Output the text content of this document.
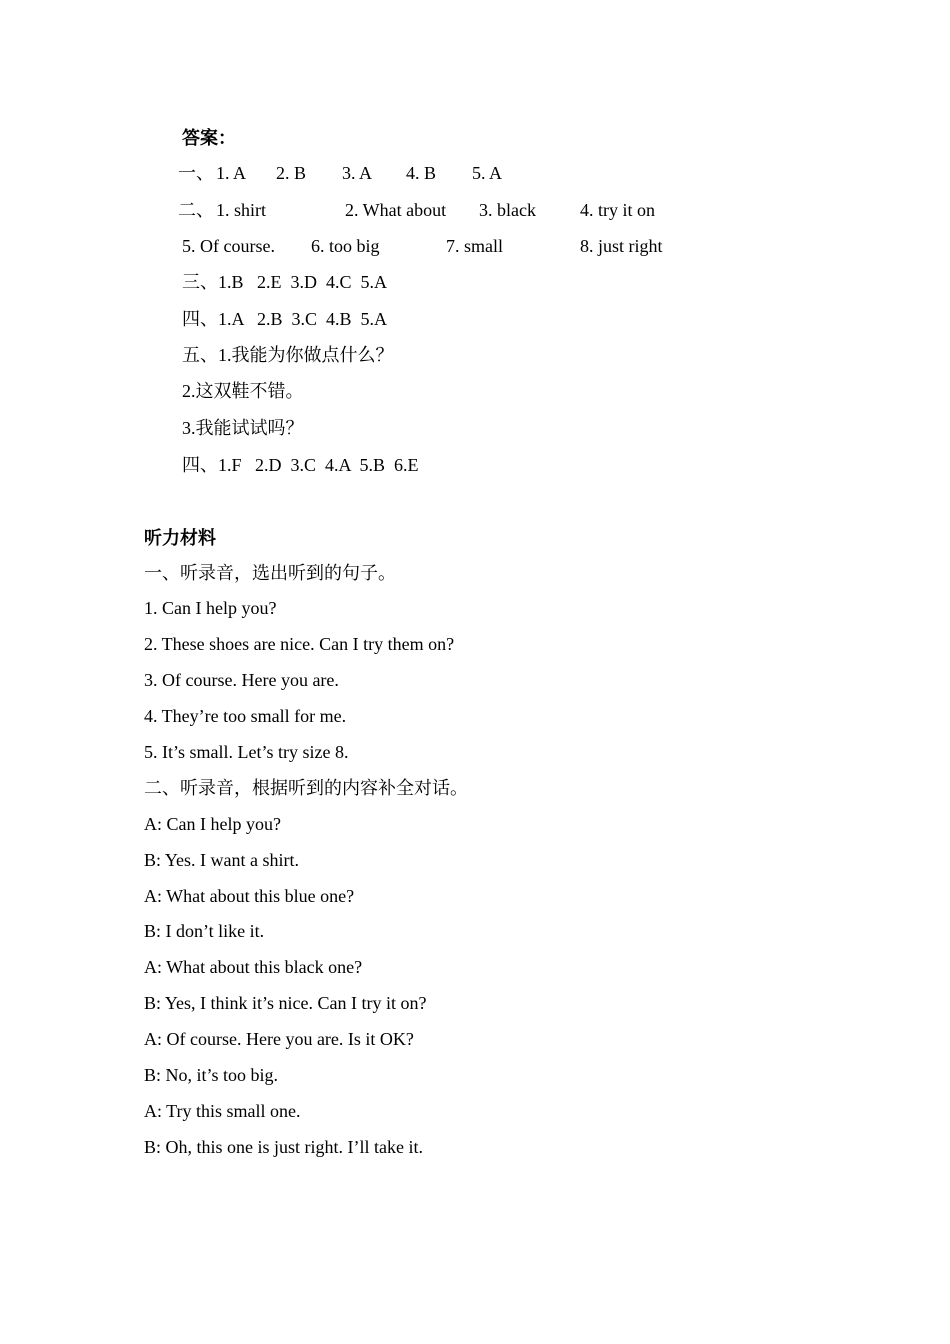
答案：
一、 1. A 2. B 3. A 4. B 5. A
二、 1. shirt	2. What about 3. black 4. try it on
5. Of course. 6. too big	7. small	8. just right
三、1.B   2.E  3.D  4.C  5.A
四、1.A   2.B  3.C  4.B  5.A
五、1.我能为你做点什么？
2.这双鞋不错。
3.我能试试吗？
四、1.F   2.D  3.C  4.A  5.B  6.E
听力材料
一、听录音，选出听到的句子。
1. Can I help you?
2. These shoes are nice. Can I try them on?
3. Of course. Here you are.
4. They’re too small for me.
5. It’s small. Let’s try size 8.
二、听录音，根据听到的内容补全对话。
A: Can I help you?
B: Yes. I want a shirt.
A: What about this blue one?
B: I don’t like it.
A: What about this black one?
B: Yes, I think it’s nice. Can I try it on?
A: Of course. Here you are. Is it OK?
B: No, it’s too big.
A: Try this small one.
B: Oh, this one is just right. I’ll take it.
